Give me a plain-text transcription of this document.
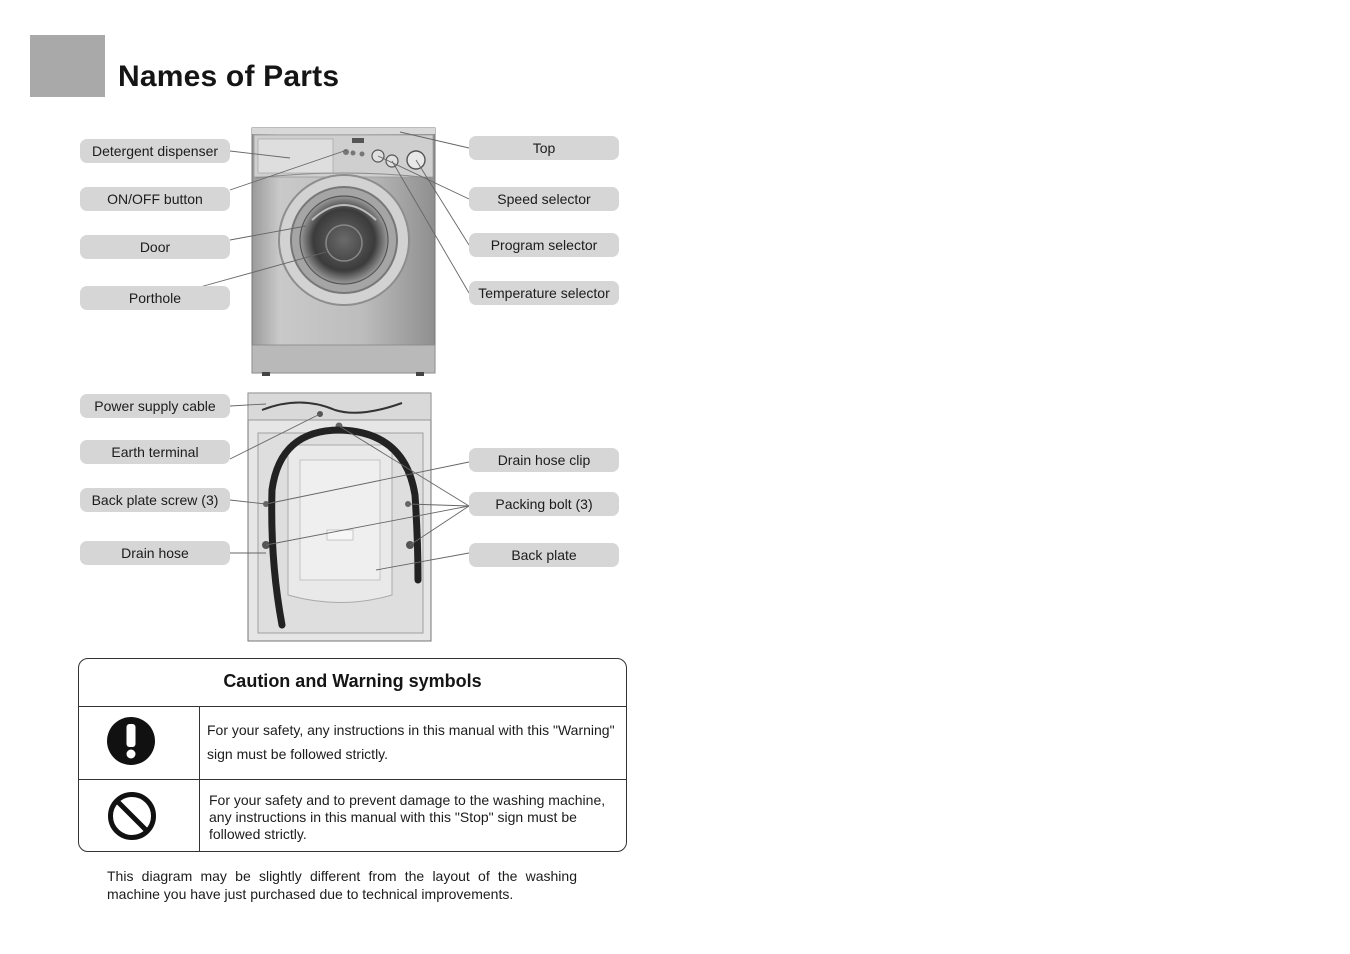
Names of Parts
Detergent dispenser
ON/OFF button
Door
Porthole
Top
Speed selector
Program selector
Temperature selector
Power supply cable
Earth terminal
Back plate screw (3)
Drain hose
Drain hose clip
Packing bolt (3)
Back plate
Caution and Warning symbols
For your safety, any instructions in this manual with this "Warning" sign must be followed strictly.
For your safety and to prevent damage to the washing machine, any instructions in this manual with this "Stop" sign must be followed strictly.
This diagram may be slightly different from the layout of the washing machine you have just purchased due to technical improvements.
